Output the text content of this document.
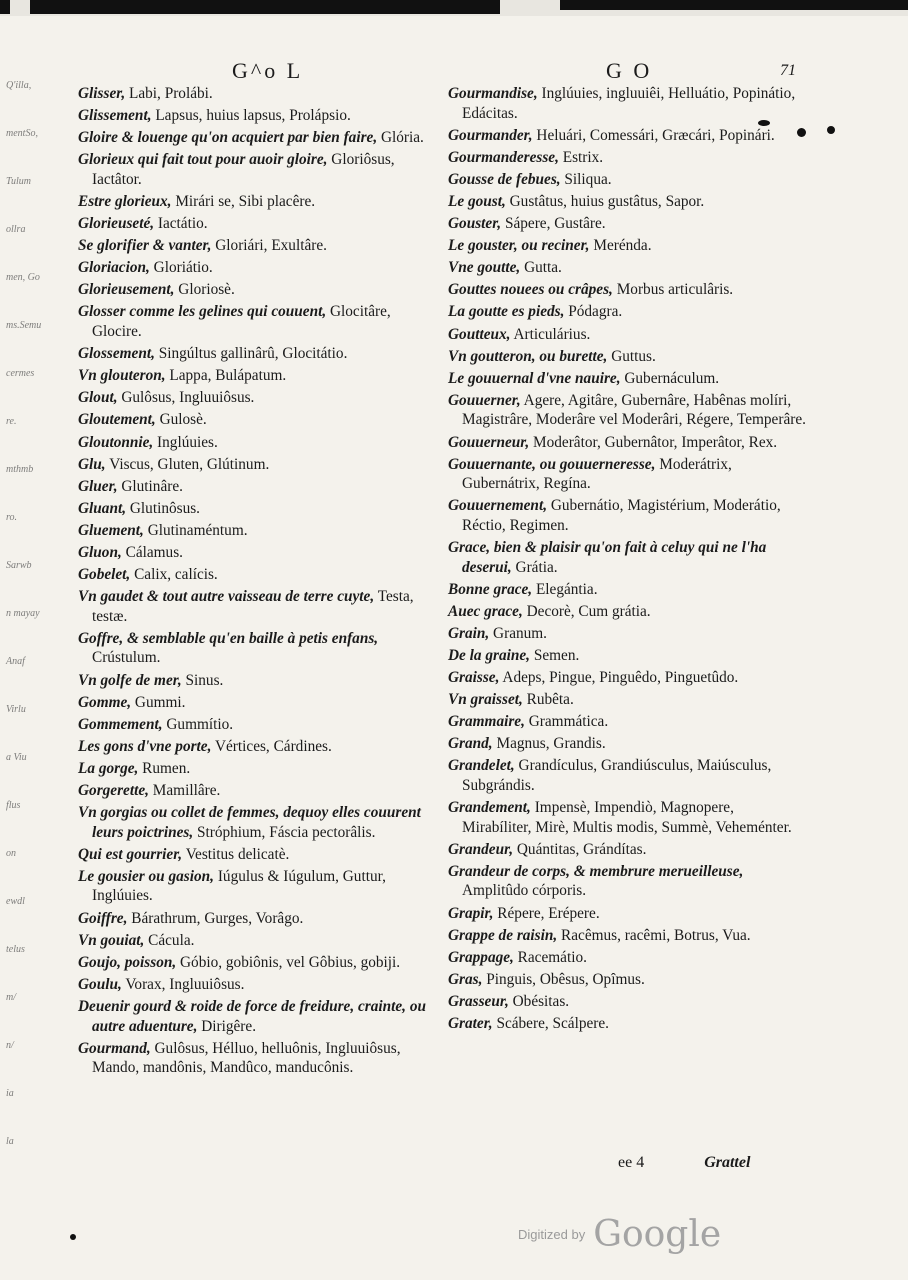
Q'illa,
mentSo,
Tulum
ollra
men, Go
ms.Semu
cermes
re.
mthmb
ro.
Sarwb
n mayay
Anaf
Virlu
a Viu
flus
on
ewdl
telus
m/
n/
ia
la
G^o L	G O	71

Glisser, Labi, Prolábi.

Glissement, Lapsus, huius lapsus, Prolápsio.

Gloire & louenge qu'on acquiert par bien faire, Glória.

Glorieux qui fait tout pour auoir gloire, Gloriôsus, Iactâtor.

Estre glorieux, Mirári se, Sibi placêre.

Glorieuseté, Iactátio.

Se glorifier & vanter, Gloriári, Exultâre.

Gloriacion, Gloriátio.

Glorieusement, Gloriosè.

Glosser comme les gelines qui couuent, Glocitâre, Glocire.

Glossement, Singúltus gallinârû, Glocitátio.

Vn glouteron, Lappa, Bulápatum.

Glout, Gulôsus, Ingluuiôsus.

Gloutement, Gulosè.

Gloutonnie, Inglúuies.

Glu, Viscus, Gluten, Glútinum.

Gluer, Glutinâre.

Gluant, Glutinôsus.

Gluement, Glutinaméntum.

Gluon, Cálamus.

Gobelet, Calix, calícis.

Vn gaudet & tout autre vaisseau de terre cuyte, Testa, testæ.

Goffre, & semblable qu'en baille à petis enfans, Crústulum.

Vn golfe de mer, Sinus.

Gomme, Gummi.

Gommement, Gummítio.

Les gons d'vne porte, Vértices, Cárdines.

La gorge, Rumen.

Gorgerette, Mamillâre.

Vn gorgias ou collet de femmes, dequoy elles couurent leurs poictrines, Stróphium, Fáscia pectorâlis.

Qui est gourrier, Vestitus delicatè.

Le gousier ou gasion, Iúgulus & Iúgulum, Guttur, Inglúuies.

Goiffre, Bárathrum, Gurges, Vorâgo.

Vn gouiat, Cácula.

Goujo, poisson, Góbio, gobiônis, vel Gôbius, gobiji.

Goulu, Vorax, Ingluuiôsus.

Deuenir gourd & roide de force de freidure, crainte, ou autre aduenture, Dirigêre.

Gourmand, Gulôsus, Hélluo, helluônis, Ingluuiôsus, Mando, mandônis, Mandûco, manducônis.

Gourmandise, Inglúuies, ingluuiêi, Helluátio, Popinátio, Edácitas.

Gourmander, Heluári, Comessári, Græcári, Popinári.

Gourmanderesse, Estrix.

Gousse de febues, Siliqua.

Le goust, Gustâtus, huius gustâtus, Sapor.

Gouster, Sápere, Gustâre.

Le gouster, ou reciner, Meréndа.

Vne goutte, Gutta.

Gouttes nouees ou crâpes, Morbus articulâris.

La goutte es pieds, Pódagra.

Goutteux, Articulárius.

Vn goutteron, ou burette, Guttus.

Le gouuernal d'vne nauire, Gubernáculum.

Gouuerner, Agere, Agitâre, Gubernâre, Habênas molíri, Magistrâre, Moderâre vel Moderâri, Régere, Temperâre.

Gouuerneur, Moderâtor, Gubernâtor, Imperâtor, Rex.

Gouuernante, ou gouuerneresse, Moderátrix, Gubernátrix, Regína.

Gouuernement, Gubernátio, Magistérium, Moderátio, Réctio, Regimen.

Grace, bien & plaisir qu'on fait à celuy qui ne l'ha deserui, Grátia.

Bonne grace, Elegántia.

Auec grace, Decorè, Cum grátia.

Grain, Granum.

De la graine, Semen.

Graisse, Adeps, Pingue, Pinguêdo, Pinguetûdo.

Vn graisset, Rubêta.

Grammaire, Grammática.

Grand, Magnus, Grandis.

Grandelet, Grandículus, Grandiúsculus, Maiúsculus, Subgrándis.

Grandement, Impensè, Impendiò, Magnopere, Mirabíliter, Mirè, Multis modis, Summè, Veheménter.

Grandeur, Quántitas, Grándítas.

Grandeur de corps, & membrure merueilleuse, Amplitûdo córporis.

Grapir, Répere, Erépere.

Grappe de raisin, Racêmus, racêmi, Botrus, Vua.

Grappage, Racemátio.

Gras, Pinguis, Obêsus, Opîmus.

Grasseur, Obésitas.

Grater, Scábere, Scálpere.

ee 4	Grattel
Digitized by Google
